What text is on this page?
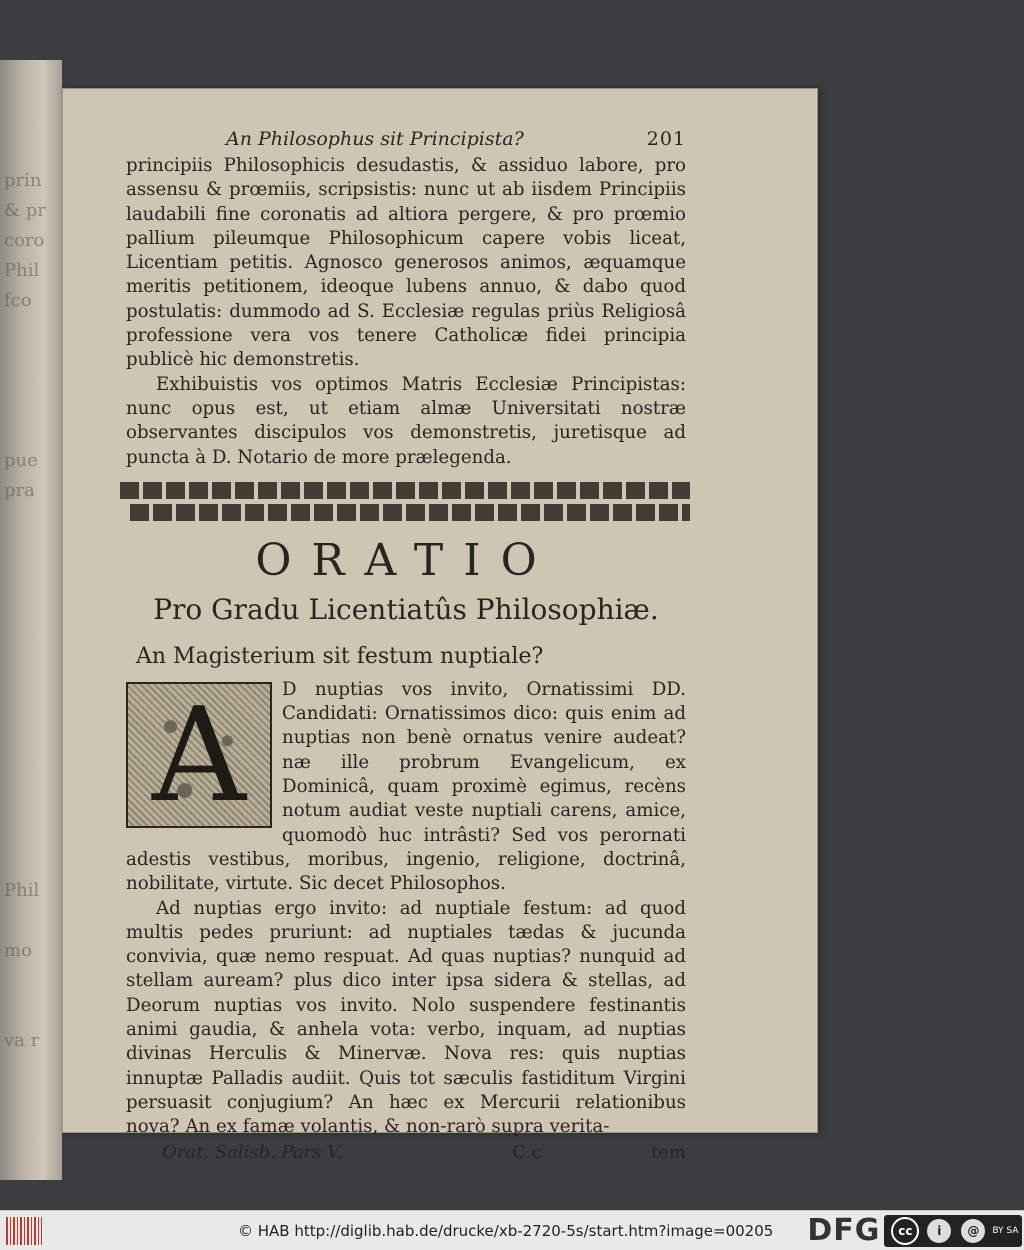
prin
& pr
coro
Phil
fco
pue
pra
Phil
mo
va r
An Philosophus sit Principista?	201

principiis Philosophicis desudastis, & assiduo labore, pro assensu & prœmiis, scripsistis: nunc ut ab iisdem Principiis laudabili fine coronatis ad altiora pergere, & pro prœmio pallium pileumque Philosophicum capere vobis liceat, Licentiam petitis. Agnosco generosos animos, æquamque meritis petitionem, ideoque lubens annuo, & dabo quod postulatis: dummodo ad S. Ecclesiæ regulas priùs Religiosâ professione vera vos tenere Catholicæ fidei principia publicè hic demonstretis.

Exhibuistis vos optimos Matris Ecclesiæ Principistas: nunc opus est, ut etiam almæ Universitati nostræ observantes discipulos vos demonstretis, juretisque ad puncta à D. Notario de more prælegenda.

ORATIO
Pro Gradu Licentiatûs Philosophiæ.
An Magisterium sit festum nuptiale?
A	D nuptias vos invito, Ornatissimi DD. Candidati: Ornatissimos dico: quis enim ad nuptias non benè ornatus venire audeat? næ ille probrum Evangelicum, ex Dominicâ, quam proximè egimus, recèns notum audiat veste nuptiali carens, amice, quomodò huc intrâsti? Sed vos perornati adestis vestibus, moribus, ingenio, religione, doctrinâ, nobilitate, virtute. Sic decet Philosophos.

Ad nuptias ergo invito: ad nuptiale festum: ad quod multis pedes pruriunt: ad nuptiales tædas & jucunda convivia, quæ nemo respuat. Ad quas nuptias? nunquid ad stellam auream? plus dico inter ipsa sidera & stellas, ad Deorum nuptias vos invito. Nolo suspendere festinantis animi gaudia, & anhela vota: verbo, inquam, ad nuptias divinas Herculis & Minervæ. Nova res: quis nuptias innuptæ Palladis audiit. Quis tot sæculis fastiditum Virgini persuasit conjugium? An hæc ex Mercurii relationibus nova? An ex famæ volantis, & non-rarò supra verita-

Orat. Salisb. Pars V.	C c	tem
© HAB http://diglib.hab.de/drucke/xb-2720-5s/start.htm?image=00205 DFG	cc	i	@	BY SA
